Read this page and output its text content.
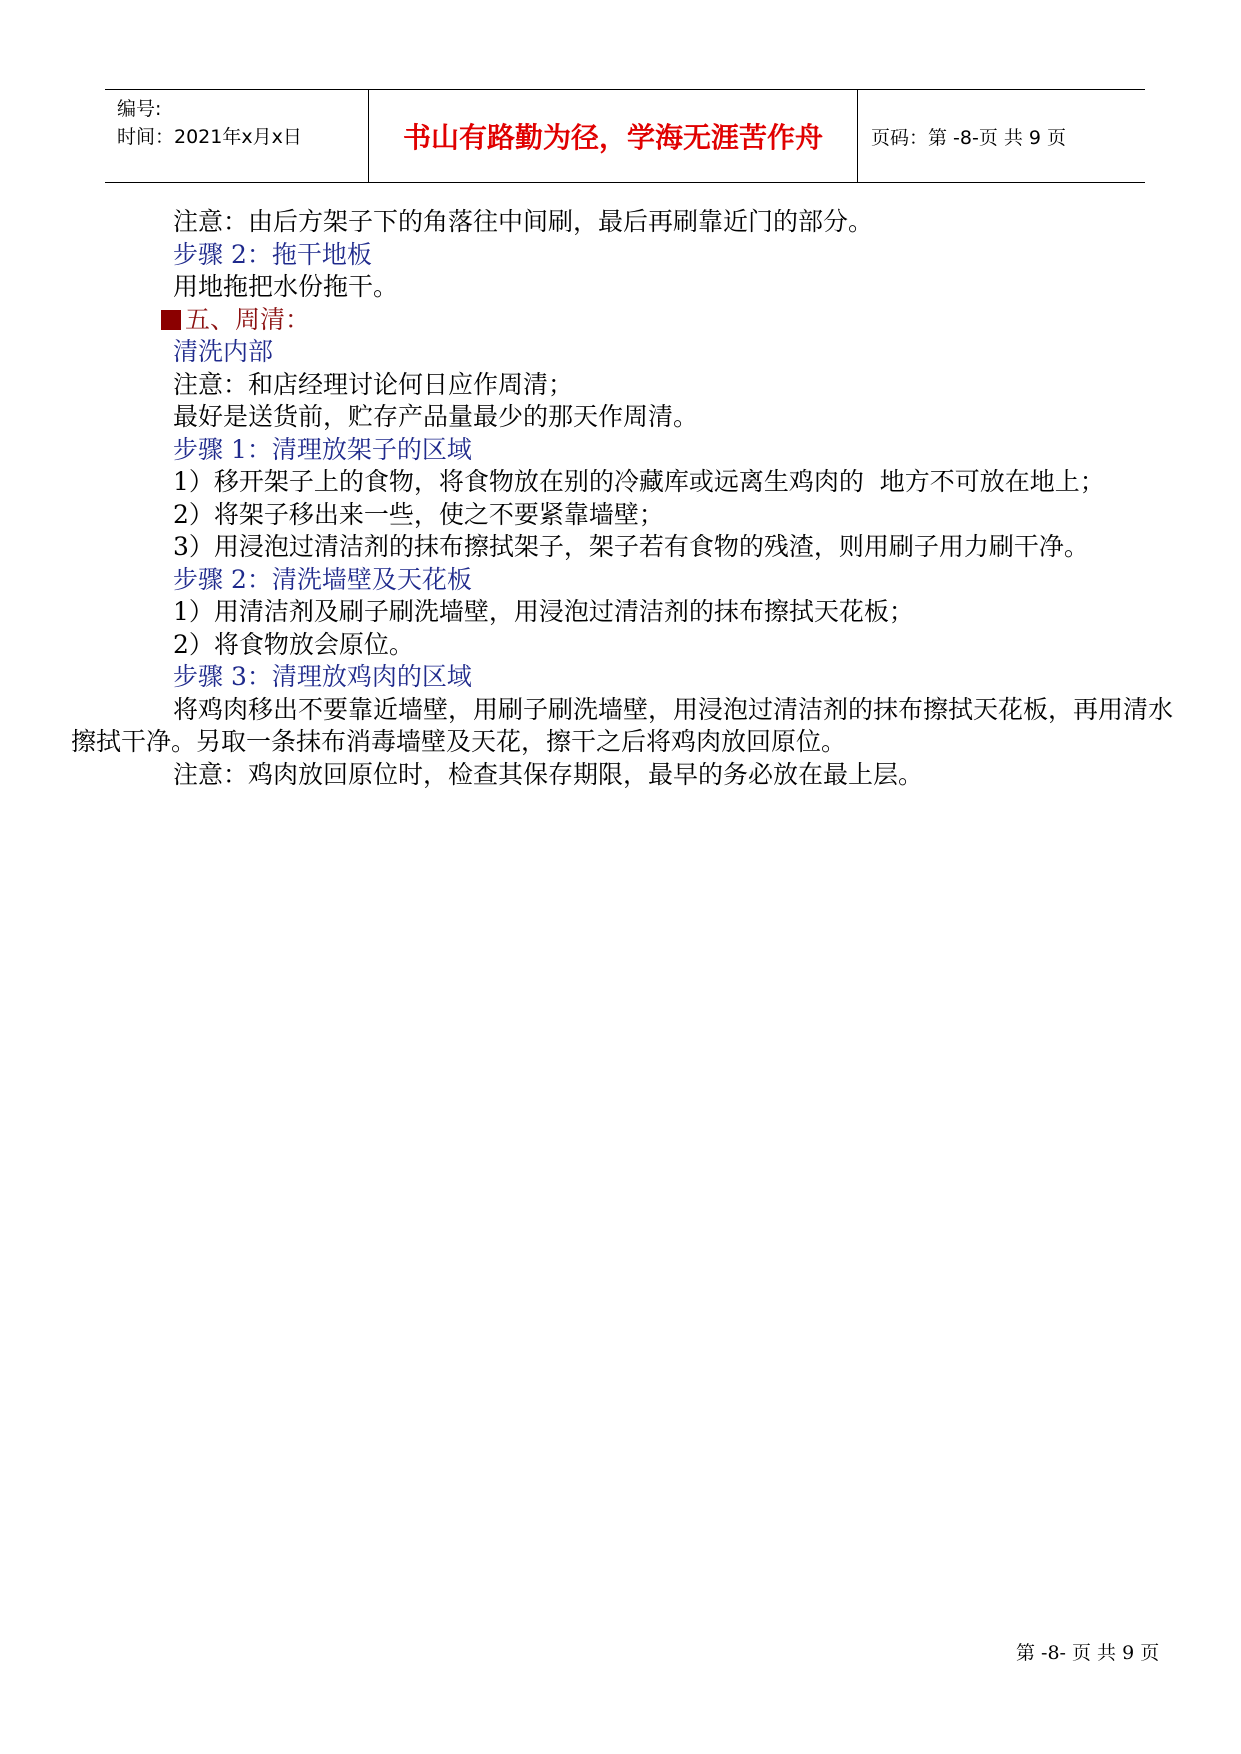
编号:
时间：2021年x月x日	书山有路勤为径，学海无涯苦作舟	页码：第 -8-页 共 9 页

注意：由后方架子下的角落往中间刷，最后再刷靠近门的部分。

步骤 2：拖干地板

用地拖把水份拖干。

五、周清：

清洗内部

注意：和店经理讨论何日应作周清；

最好是送货前，贮存产品量最少的那天作周清。

步骤 1：清理放架子的区域

1）移开架子上的食物，将食物放在别的冷藏库或远离生鸡肉的  地方不可放在地上；

2）将架子移出来一些，使之不要紧靠墙壁；

3）用浸泡过清洁剂的抹布擦拭架子，架子若有食物的残渣，则用刷子用力刷干净。

步骤 2：清洗墙壁及天花板

1）用清洁剂及刷子刷洗墙壁，用浸泡过清洁剂的抹布擦拭天花板；

2）将食物放会原位。

步骤 3：清理放鸡肉的区域

将鸡肉移出不要靠近墙壁，用刷子刷洗墙壁，用浸泡过清洁剂的抹布擦拭天花板，再用清水擦拭干净。另取一条抹布消毒墙壁及天花，擦干之后将鸡肉放回原位。

注意：鸡肉放回原位时，检查其保存期限，最早的务必放在最上层。

第 -8- 页 共 9 页
